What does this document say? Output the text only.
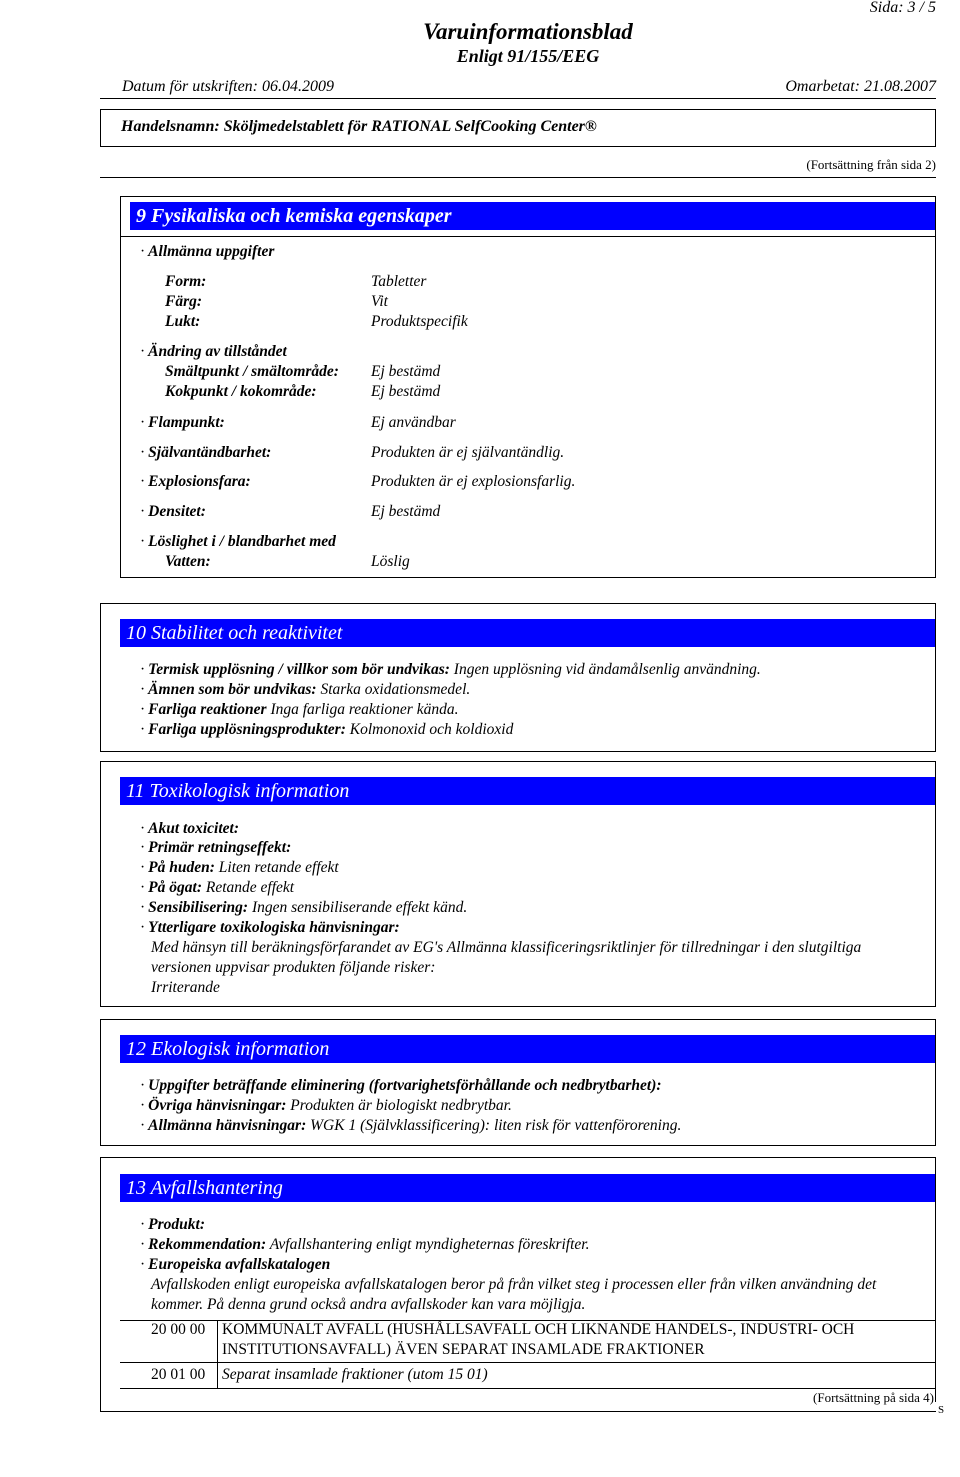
Sida: 3 / 5
Varuinformationsblad
Enligt 91/155/EEG
Datum för utskriften: 06.04.2009	Omarbetat: 21.08.2007
Handelsnamn: Sköljmedelstablett för RATIONAL SelfCooking Center®
(Fortsättning från sida 2)
9 Fysikaliska och kemiska egenskaper
· Allmänna uppgifter
Form:	Tabletter
Färg:	Vit
Lukt:	Produktspecifik
· Ändring av tillståndet
Smältpunkt / smältområde: Ej bestämd
Kokpunkt / kokområde:	Ej bestämd
· Flampunkt:	Ej användbar
· Självantändbarhet:	Produkten är ej självantändlig.
· Explosionsfara:	Produkten är ej explosionsfarlig.
· Densitet:	Ej bestämd
· Löslighet i / blandbarhet med
Vatten:	Löslig
10 Stabilitet och reaktivitet
· Termisk upplösning / villkor som bör undvikas: Ingen upplösning vid ändamålsenlig användning.
· Ämnen som bör undvikas: Starka oxidationsmedel.
· Farliga reaktioner Inga farliga reaktioner kända.
· Farliga upplösningsprodukter: Kolmonoxid och koldioxid
11 Toxikologisk information
· Akut toxicitet:
· Primär retningseffekt:
· På huden: Liten retande effekt
· På ögat: Retande effekt
· Sensibilisering: Ingen sensibiliserande effekt känd.
· Ytterligare toxikologiska hänvisningar:
Med hänsyn till beräkningsförfarandet av EG's Allmänna klassificeringsriktlinjer för tillredningar i den slutgiltiga versionen uppvisar produkten följande risker:
Irriterande
12 Ekologisk information
· Uppgifter beträffande eliminering (fortvarighetsförhållande och nedbrytbarhet):
· Övriga hänvisningar: Produkten är biologiskt nedbrytbar.
· Allmänna hänvisningar: WGK 1 (Självklassificering): liten risk för vattenförorening.
13 Avfallshantering
· Produkt:
· Rekommendation: Avfallshantering enligt myndigheternas föreskrifter.
· Europeiska avfallskatalogen
Avfallskoden enligt europeiska avfallskatalogen beror på från vilket steg i processen eller från vilken användning det kommer. På denna grund också andra avfallskoder kan vara möjligja.
20 00 00 KOMMUNALT AVFALL (HUSHÅLLSAVFALL OCH LIKNANDE HANDELS-, INDUSTRI- OCH INSTITUTIONSAVFALL) ÄVEN SEPARAT INSAMLADE FRAKTIONER
20 01 00 Separat insamlade fraktioner (utom 15 01)
(Fortsättning på sida 4)
S
